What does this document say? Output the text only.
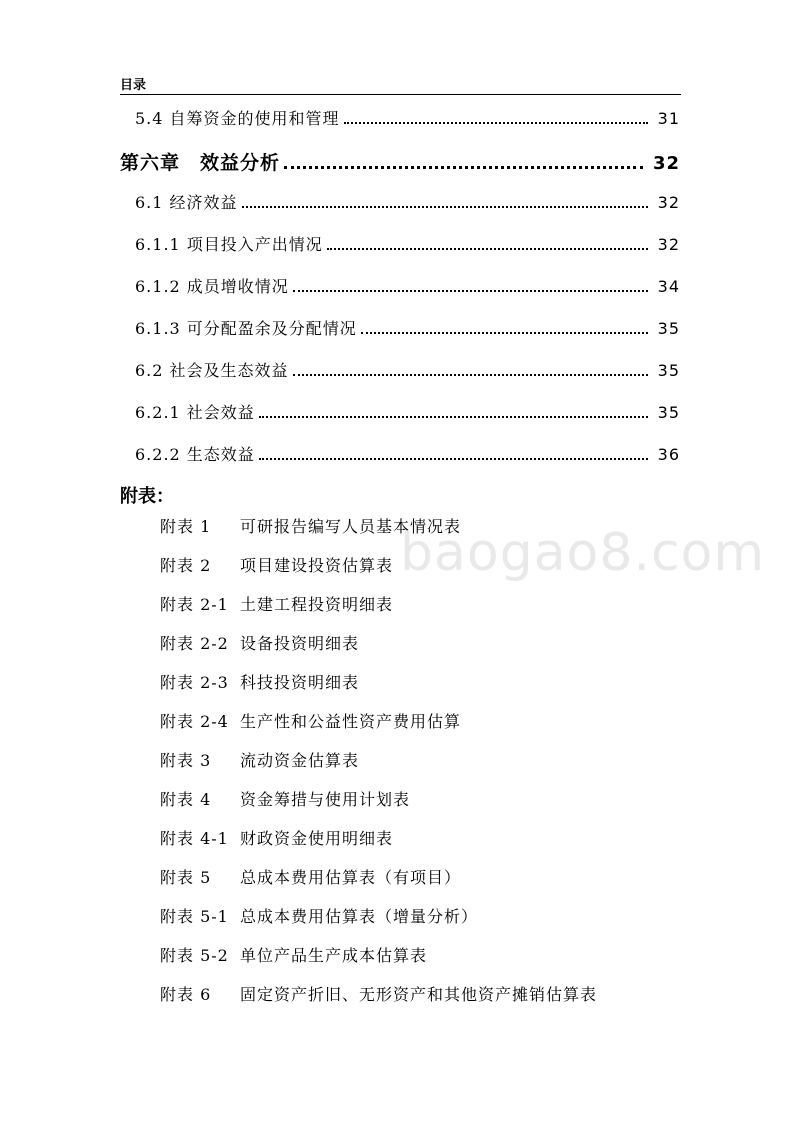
目录
5.4 自筹资金的使用和管理	31
第六章　效益分析	32
6.1 经济效益	32
6.1.1 项目投入产出情况	32
6.1.2 成员增收情况	34
6.1.3 可分配盈余及分配情况	35
6.2 社会及生态效益	35
6.2.1 社会效益	35
6.2.2 生态效益	36
附表：
附表 1 可研报告编写人员基本情况表
附表 2 项目建设投资估算表
附表 2-1 土建工程投资明细表
附表 2-2 设备投资明细表
附表 2-3 科技投资明细表
附表 2-4 生产性和公益性资产费用估算
附表 3 流动资金估算表
附表 4 资金筹措与使用计划表
附表 4-1 财政资金使用明细表
附表 5 总成本费用估算表（有项目）
附表 5-1 总成本费用估算表（增量分析）
附表 5-2 单位产品生产成本估算表
附表 6 固定资产折旧、无形资产和其他资产摊销估算表
baogao8.com
